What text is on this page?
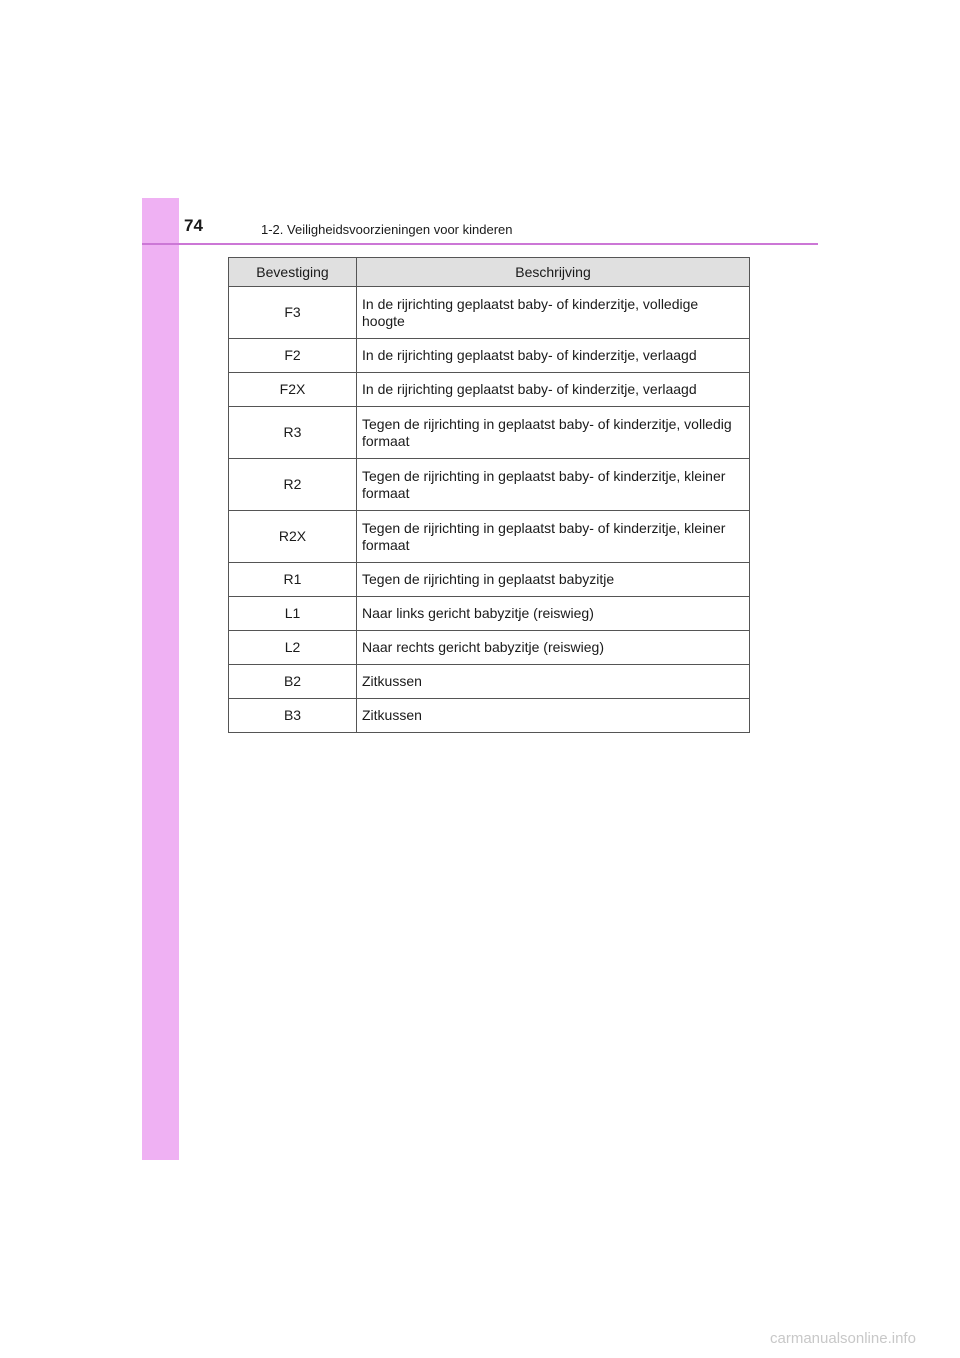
74	1-2. Veiligheidsvoorzieningen voor kinderen
Bevestiging	Beschrijving
F3	In de rijrichting geplaatst baby- of kinderzitje, volledige hoogte
F2	In de rijrichting geplaatst baby- of kinderzitje, verlaagd
F2X	In de rijrichting geplaatst baby- of kinderzitje, verlaagd
R3	Tegen de rijrichting in geplaatst baby- of kinderzitje, volledig formaat
R2	Tegen de rijrichting in geplaatst baby- of kinderzitje, kleiner formaat
R2X	Tegen de rijrichting in geplaatst baby- of kinderzitje, kleiner formaat
R1	Tegen de rijrichting in geplaatst babyzitje
L1	Naar links gericht babyzitje (reiswieg)
L2	Naar rechts gericht babyzitje (reiswieg)
B2	Zitkussen
B3	Zitkussen
carmanualsonline.info
